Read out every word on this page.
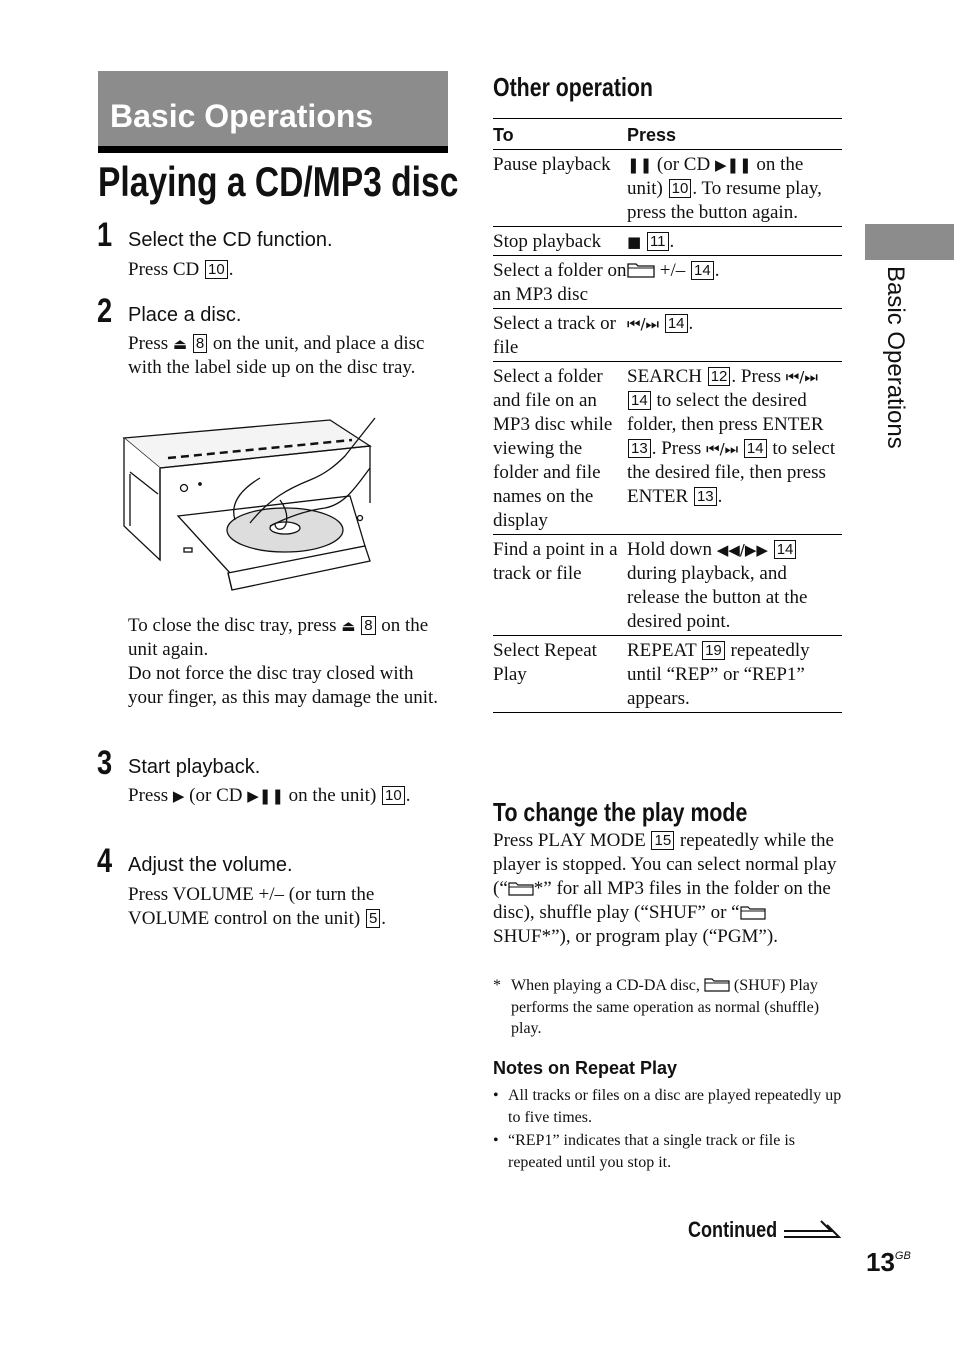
Basic Operations
Playing a CD/MP3 disc
1 Select the CD function.
Press CD 10 .
2 Place a disc.
Press ⏏ 8 on the unit, and place a disc with the label side up on the disc tray.

To close the disc tray, press ⏏ 8 on the unit again.

Do not force the disc tray closed with your finger, as this may damage the unit.

3 Start playback.
Press ▶ (or CD ▶❚❚ on the unit) 10 .
4 Adjust the volume.
Press VOLUME +/– (or turn the VOLUME control on the unit) 5 .
Other operation
To	Press
Pause playback	❚❚ (or CD ▶❚❚ on the unit) 10 . To resume play, press the button again.
Stop playback	■ 11 .
Select a folder on an MP3 disc	+/– 14 .
Select a track or file	⏮/⏭ 14 .
Select a folder and file on an MP3 disc while viewing the folder and file names on the display	SEARCH 12 . Press ⏮/⏭ 14 to select the desired folder, then press ENTER 13 . Press ⏮/⏭ 14 to select the desired file, then press ENTER 13 .
Find a point in a track or file	Hold down ◀◀/▶▶ 14 during playback, and release the button at the desired point.
Select Repeat Play	REPEAT 19 repeatedly until “REP” or “REP1” appears.
To change the play mode
Press PLAY MODE 15 repeatedly while the player is stopped. You can select normal play (“ *” for all MP3 files in the folder on the disc), shuffle play (“SHUF” or “ SHUF*”), or program play (“PGM”).
* When playing a CD-DA disc, (SHUF) Play performs the same operation as normal (shuffle) play.
Notes on Repeat Play
• All tracks or files on a disc are played repeatedly up to five times.
• “REP1” indicates that a single track or file is repeated until you stop it.
Continued
$13^{GB}$
Basic Operations
